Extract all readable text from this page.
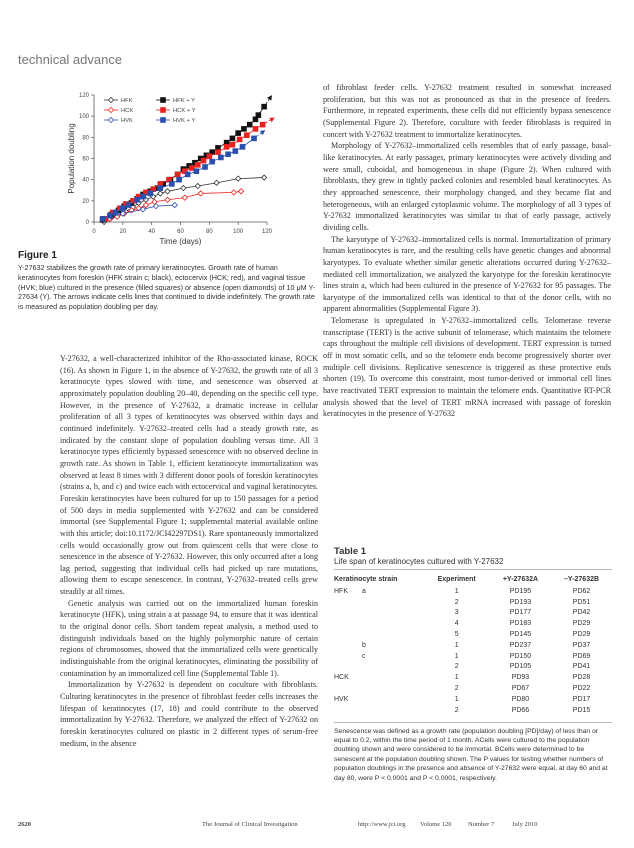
technical advance
0	20	40	60	80	100	120
0
20
40
60
80
100
120
Time (days)
Population doubling
HFK
HCK
HVK
HFK + Y
HCK + Y
HVK + Y
Figure 1
Y-27632 stabilizes the growth rate of primary keratinocytes. Growth rate of human keratinocytes from foreskin (HFK strain c; black), ectocervix (HCK; red), and vaginal tissue (HVK; blue) cultured in the presence (filled squares) or absence (open diamonds) of 10 μM Y-27634 (Y). The arrows indicate cells lines that continued to divide indefinitely. The growth rate is measured as population doubling per day.

Y-27632, a well-characterized inhibitor of the Rho-associated kinase, ROCK (16). As shown in Figure 1, in the absence of Y-27632, the growth rate of all 3 keratinocyte types slowed with time, and senescence was observed at approximately population doubling 20–40, depending on the specific cell type. However, in the presence of Y-27632, a dramatic increase in cellular proliferation of all 3 types of keratinocytes was observed within days and continued indefinitely. Y-27632–treated cells had a steady growth rate, as indicated by the constant slope of population doubling versus time. All 3 keratinocyte types efficiently bypassed senescence with no observed decline in growth rate. As shown in Table 1, efficient keratinocyte immortalization was observed at least 8 times with 3 different donor pools of foreskin keratinocytes (strains a, b, and c) and twice each with ectocervical and vaginal keratinocytes. Foreskin keratinocytes have been cultured for up to 150 passages for a period of 500 days in media supplemented with Y-27632 and can be considered immortal (see Supplemental Figure 1; supplemental material available online with this article; doi:10.1172/JCI42297DS1). Rare spontaneously immortalized cells would occasionally grow out from quiescent cells that were close to senescence in the absence of Y-27632. However, this only occurred after a long lag period, suggesting that individual cells had picked up rare mutations, allowing them to escape senescence. In contrast, Y-27632–treated cells grew steadily at all times.

Genetic analysis was carried out on the immortalized human foreskin keratinocyte (HFK), using strain a at passage 94, to ensure that it was identical to the original donor cells. Short tandem repeat analysis, a method used to distinguish individuals based on the highly polymorphic nature of certain regions of chromosomes, showed that the immortalized cells were genetically indistinguishable from the original keratinocytes, eliminating the possibility of contamination by an immortalized cell line (Supplemental Table 1).

Immortalization by Y-27632 is dependent on coculture with fibroblasts. Culturing keratinocytes in the presence of fibroblast feeder cells increases the lifespan of keratinocytes (17, 18) and could contribute to the observed immortalization by Y-27632. Therefore, we analyzed the effect of Y-27632 on foreskin keratinocytes cultured on plastic in 2 different types of serum-free medium, in the absence

of fibroblast feeder cells. Y-27632 treatment resulted in somewhat increased proliferation, but this was not as pronounced as that in the presence of feeders. Furthermore, in repeated experiments, these cells did not efficiently bypass senescence (Supplemental Figure 2). Therefore, coculture with feeder fibroblasts is required in concert with Y-27632 treatment to immortalize keratinocytes.

Morphology of Y-27632–immortalized cells resembles that of early passage, basal-like keratinocytes. At early passages, primary keratinocytes were actively dividing and were small, cuboidal, and homogeneous in shape (Figure 2). When cultured with fibroblasts, they grew in tightly packed colonies and resembled basal keratinocytes. As they approached senescence, their morphology changed, and they became flat and heterogeneous, with an enlarged cytoplasmic volume. The morphology of all 3 types of Y-27632 immortalized keratinocytes was similar to that of early passage, actively dividing cells.

The karyotype of Y-27632–immortalized cells is normal. Immortalization of primary human keratinocytes is rare, and the resulting cells have genetic changes and abnormal karyotypes. To evaluate whether similar genetic alterations occurred during Y-27632–mediated cell immortalization, we analyzed the karyotype for the foreskin keratinocyte lines strain a, which had been cultured in the presence of Y-27632 for 95 passages. The karyotype of the immortalized cells was identical to that of the donor cells, with no apparent abnormalities (Supplemental Figure 3).

Telomerase is upregulated in Y-27632–immortalized cells. Telomerase reverse transcriptase (TERT) is the active subunit of telomerase, which maintains the telomere caps throughout the multiple cell divisions of development. TERT expression is turned off in most somatic cells, and so the telomere ends become progressively shorter over multiple cell divisions. Replicative senescence is triggered as these protective ends shorten (19). To overcome this constraint, most tumor-derived or immortal cell lines have reactivated TERT expression to maintain the telomere ends. Quantitative RT-PCR analysis showed that the level of TERT mRNA increased with passage of foreskin keratinocytes in the presence of Y-27632

Table 1
Life span of keratinocytes cultured with Y-27632
Keratinocyte strain		Experiment	+Y-27632A	–Y-27632B
HFK	a	1	PD195	PD62
		2	PD193	PD51
		3	PD177	PD42
		4	PD183	PD29
		5	PD145	PD29
	b	1	PD237	PD37
	c	1	PD150	PD69
		2	PD105	PD41
HCK		1	PD93	PD28
		2	PD67	PD22
HVK		1	PD80	PD17
		2	PD66	PD15
Senescence was defined as a growth rate (population doubling [PD]/day) of less than or equal to 0.2, within the time period of 1 month. ACells were cultured to the population doubling shown and were considered to be immortal. BCells were determined to be senescent at the population doubling shown. The P values for testing whether numbers of population doublings in the presence and absence of Y-27632 were equal, at day 60 and at day 80, were P < 0.0001 and P < 0.0001, respectively.
2620	The Journal of Clinical Investigation	http://www.jci.org Volume 120	Number 7	July 2010
